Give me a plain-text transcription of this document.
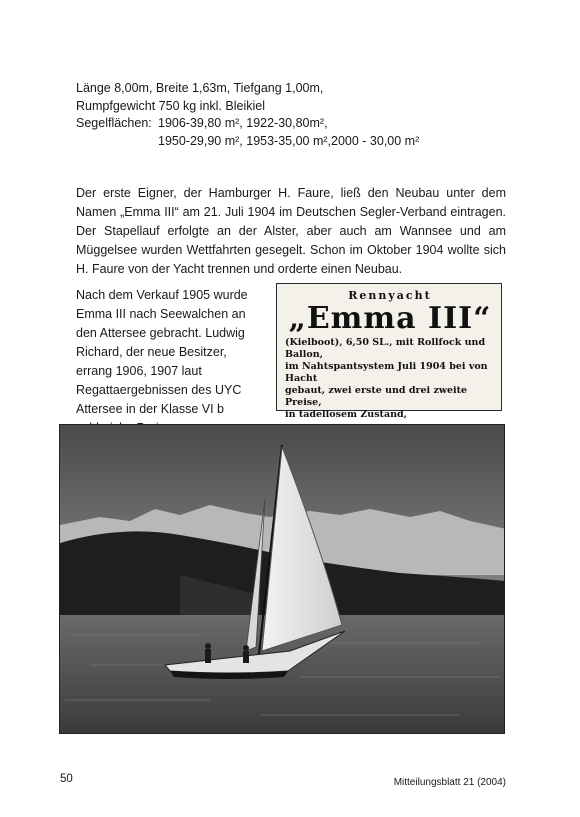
Länge 8,00m, Breite 1,63m, Tiefgang 1,00m,
Rumpfgewicht 750 kg inkl. Bleikiel
Segelflächen: 1906-39,80 m², 1922-30,80m²,
1950-29,90 m², 1953-35,00 m²,2000 - 30,00 m²

Der erste Eigner, der Hamburger H. Faure, ließ den Neubau unter dem Namen „Emma III“ am 21. Juli 1904 im Deutschen Segler-Verband eintragen. Der Stapellauf erfolgte an der Alster, aber auch am Wannsee und am Müggelsee wurden Wettfahrten gesegelt. Schon im Oktober 1904 wollte sich H. Faure von der Yacht trennen und orderte einen Neubau.

Nach dem Verkauf 1905 wurde Emma III nach Seewalchen an den Attersee gebracht. Ludwig Richard, der neue Besitzer, errang 1906, 1907 laut Regattaergebnissen des UYC Attersee in der Klasse VI b

Rennyacht
„Emma III“
(Kielboot), 6,50 SL., mit Rollfock und Ballon,
im Nahtspantsystem Juli 1904 bei von Hacht
gebaut, zwei erste und drei zweite Preise,
in tadellosem Zustand,
50	Mitteilungsblatt 21 (2004)
